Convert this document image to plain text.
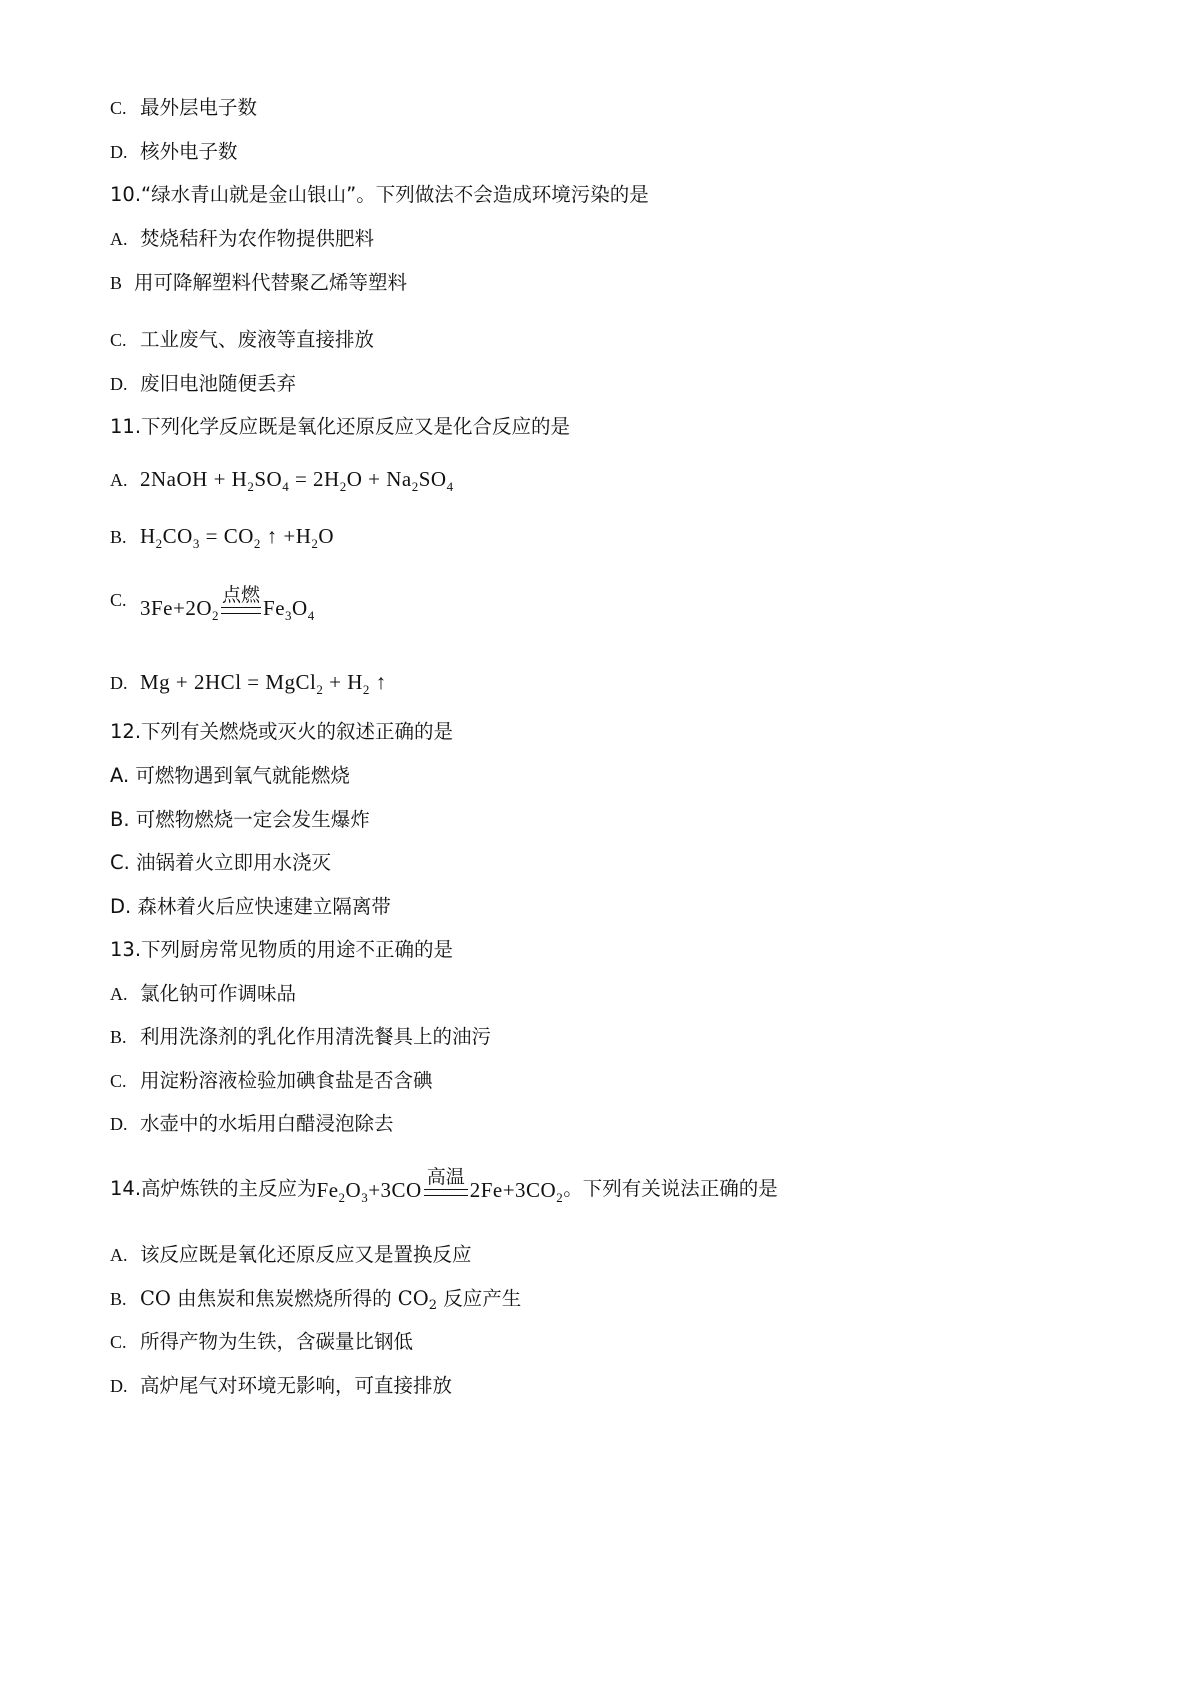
C. 最外层电子数
D. 核外电子数
10.“绿水青山就是金山银山”。下列做法不会造成环境污染的是
A. 焚烧秸秆为农作物提供肥料
B 用可降解塑料代替聚乙烯等塑料
C. 工业废气、废液等直接排放
D. 废旧电池随便丢弃
11.下列化学反应既是氧化还原反应又是化合反应的是
A. 2NaOH + $H_2SO_4 = 2H_2O + Na_2SO_4$
B. $H_2CO_3 = CO_2$ ↑ $+H_2O$
C. $3Fe+2O_2$
点燃
$Fe_3O_4$
D. Mg + 2HCl = MgCl$_2$ + $H_2$ ↑
12.下列有关燃烧或灭火的叙述正确的是
A. 可燃物遇到氧气就能燃烧
B. 可燃物燃烧一定会发生爆炸
C. 油锅着火立即用水浇灭
D. 森林着火后应快速建立隔离带
13.下列厨房常见物质的用途不正确的是
A. 氯化钠可作调味品
B. 利用洗涤剂的乳化作用清洗餐具上的油污
C. 用淀粉溶液检验加碘食盐是否含碘
D. 水壶中的水垢用白醋浸泡除去
14.高炉炼铁的主反应为$Fe_2O_3+3CO$
高温
$2Fe+3CO_2$。下列有关说法正确的是
A. 该反应既是氧化还原反应又是置换反应
B. CO 由焦炭和焦炭燃烧所得的 $CO_2$ 反应产生
C. 所得产物为生铁，含碳量比钢低
D. 高炉尾气对环境无影响，可直接排放
